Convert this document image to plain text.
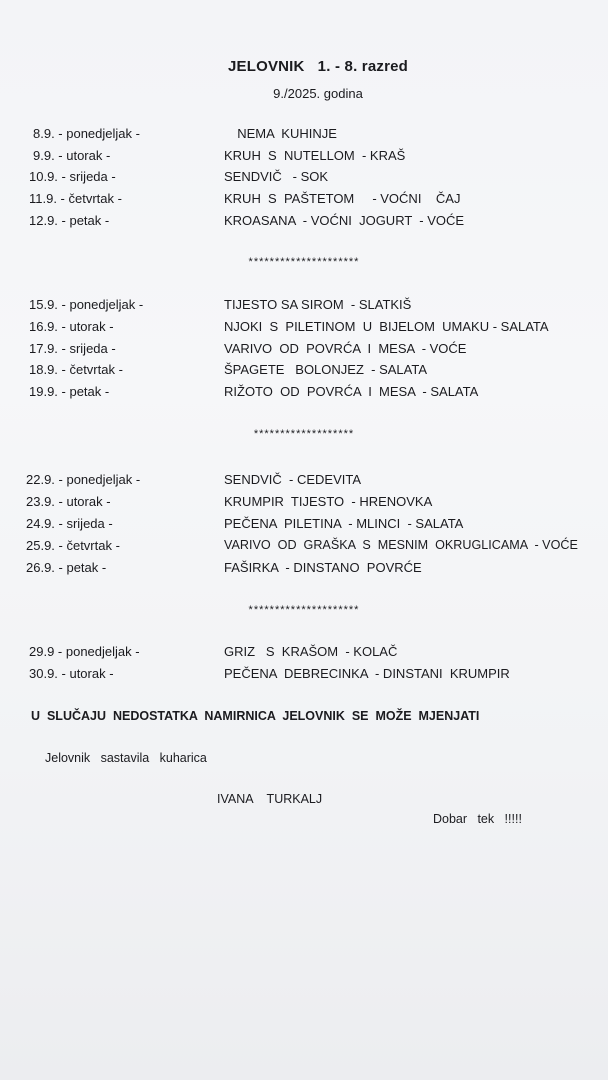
JELOVNIK   1. - 8. razred
9./2025. godina
8.9. - ponedjeljak -	NEMA  KUHINJE
9.9. - utorak -	KRUH  S  NUTELLOM  - KRAŠ
10.9. - srijeda -	SENDVIČ   - SOK
11.9. - četvrtak -	KRUH  S  PAŠTETOM     - VOĆNI    ČAJ
12.9. - petak -	KROASANA  - VOĆNI  JOGURT  - VOĆE
*********************
15.9. - ponedjeljak -	TIJESTO SA SIROM  - SLATKIŠ
16.9. - utorak -	NJOKI  S  PILETINOM  U  BIJELOM  UMAKU - SALATA
17.9. - srijeda -	VARIVO  OD  POVRĆA  I  MESA  - VOĆE
18.9. - četvrtak -	ŠPAGETE   BOLONJEZ  - SALATA
19.9. - petak -	RIŽOTO  OD  POVRĆA  I  MESA  - SALATA
*******************
22.9. - ponedjeljak -	SENDVIČ  - CEDEVITA
23.9. - utorak -	KRUMPIR  TIJESTO  - HRENOVKA
24.9. - srijeda -	PEČENA  PILETINA  - MLINCI  - SALATA
25.9. - četvrtak -	VARIVO  OD  GRAŠKA  S  MESNIM  OKRUGLICAMA  - VOĆE
26.9. - petak -	FAŠIRKA  - DINSTANO  POVRĆE
*********************
29.9 - ponedjeljak -	GRIZ   S  KRAŠOM  - KOLAČ
30.9. - utorak -	PEČENA  DEBRECINKA  - DINSTANI  KRUMPIR
U  SLUČAJU  NEDOSTATKA  NAMIRNICA  JELOVNIK  SE  MOŽE  MJENJATI
Jelovnik   sastavila   kuharica
IVANA    TURKALJ
Dobar   tek   !!!!!
